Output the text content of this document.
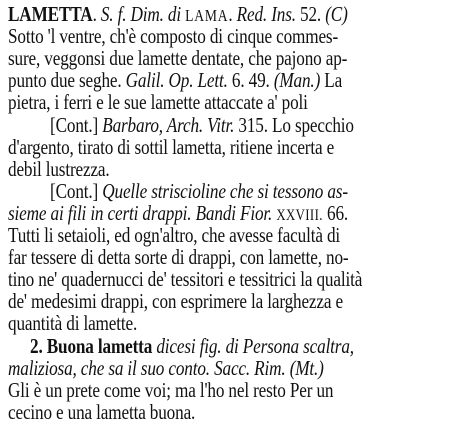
LAMETTA. S. f. Dim. di LAMA. Red. Ins. 52. (C)
Sotto 'l ventre, ch'è composto di cinque commes-
sure, veggonsi due lamette dentate, che pajono ap-
punto due seghe. Galil. Op. Lett. 6. 49. (Man.) La
pietra, i ferri e le sue lamette attaccate a' poli
[Cont.] Barbaro, Arch. Vitr. 315. Lo specchio
d'argento, tirato di sottil lametta, ritiene incerta e
debil lustrezza.
[Cont.] Quelle striscioline che si tessono as-
sieme ai fili in certi drappi. Bandi Fior. XXVIII. 66.
Tutti li setaioli, ed ogn'altro, che avesse facultà di
far tessere di detta sorte di drappi, con lamette, no-
tino ne' quadernucci de' tessitori e tessitrici la qualità
de' medesimi drappi, con esprimere la larghezza e
quantità di lamette.
2. Buona lametta dicesi fig. di Persona scaltra,
maliziosa, che sa il suo conto. Sacc. Rim. (Mt.)
Gli è un prete come voi; ma l'ho nel resto Per un
cecino e una lametta buona.
